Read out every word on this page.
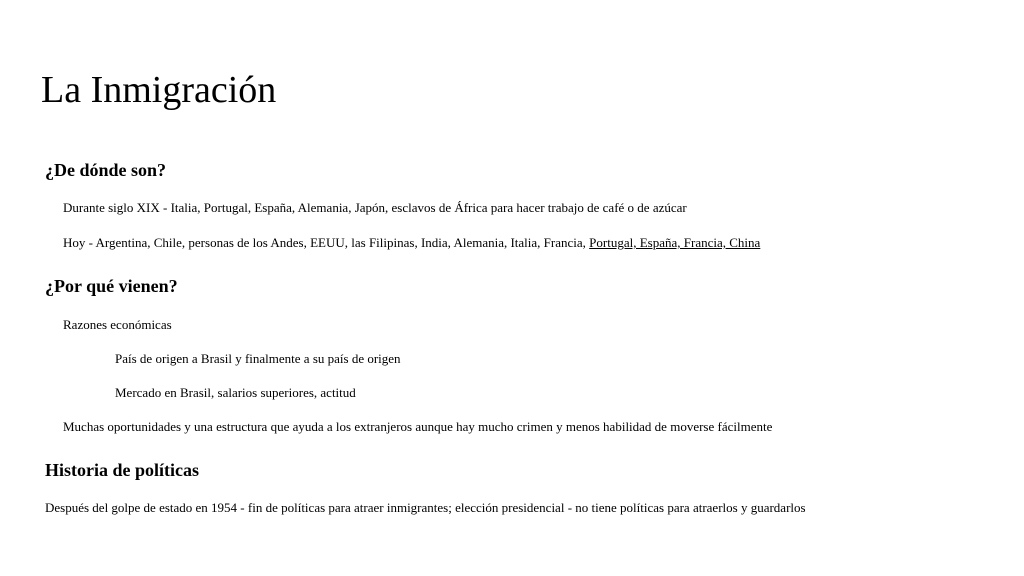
La Inmigración
¿De dónde son?
Durante siglo XIX - Italia, Portugal, España, Alemania, Japón, esclavos de África para hacer trabajo de café o de azúcar
Hoy - Argentina, Chile, personas de los Andes, EEUU, las Filipinas, India, Alemania, Italia, Francia, Portugal, España, Francia, China
¿Por qué vienen?
Razones económicas
País de origen a Brasil y finalmente a su país de origen
Mercado en Brasil, salarios superiores, actitud
Muchas oportunidades y una estructura que ayuda a los extranjeros aunque hay mucho crimen y menos habilidad de moverse fácilmente
Historia de políticas
Después del golpe de estado en 1954 - fin de políticas para atraer inmigrantes; elección presidencial - no tiene políticas para atraerlos y guardarlos
